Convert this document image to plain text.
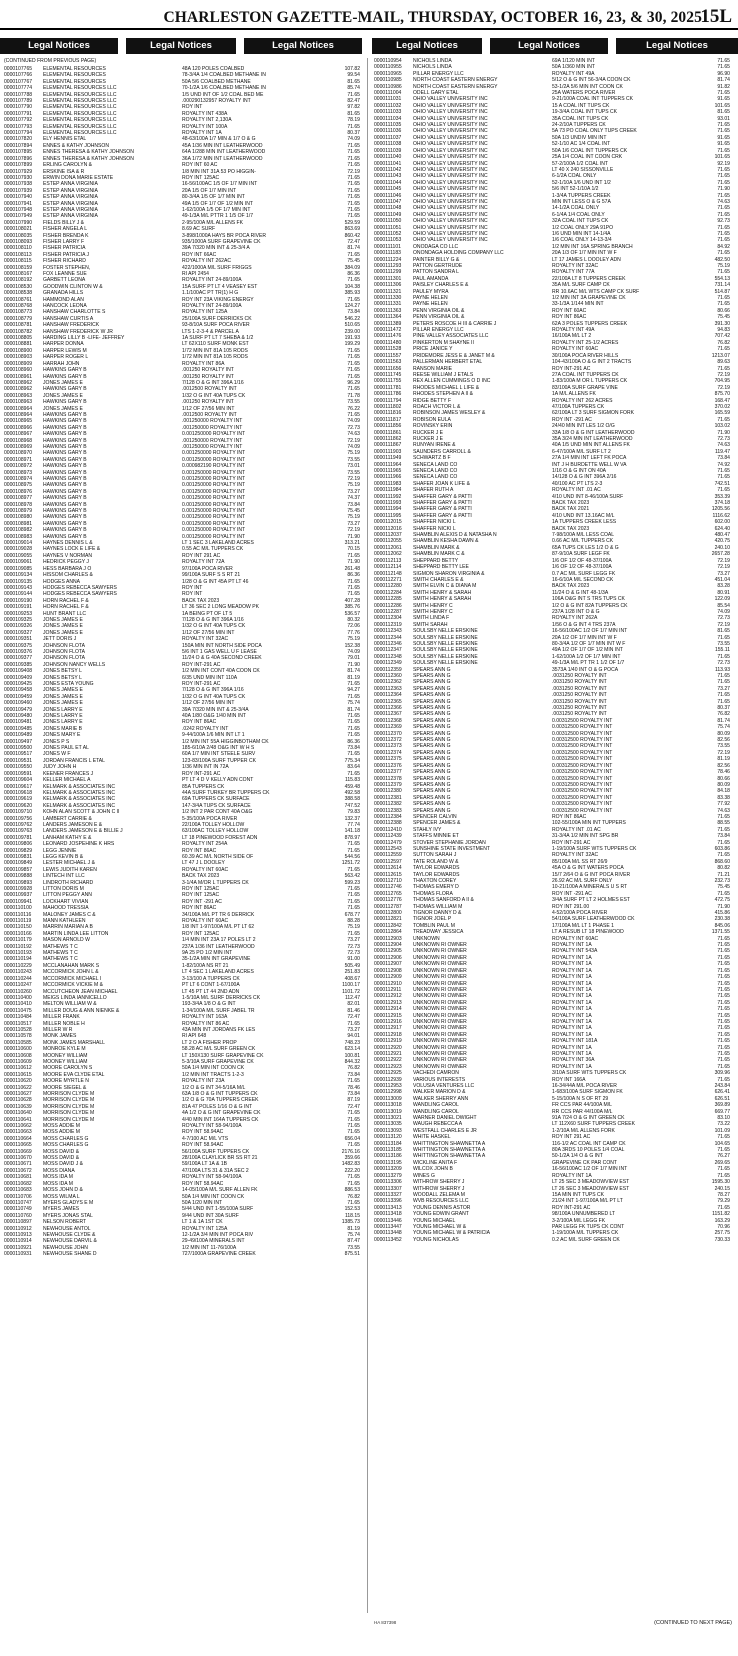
CHARLESTON GAZETTE-MAIL, THURSDAY, OCTOBER 16, 23, & 30, 2025
15L
Legal Notices	Legal Notices	Legal Notices	Legal Notices	Legal Notices	Legal Notices
(CONTINUED FROM PREVIOUS PAGE)
0000107765	ELEMENTAL RESOURCES	48A 120 POLES COALBED	107.82
0000107766	ELEMENTAL RESOURCES	78-3/4A 1/4 COALBED METHANE IN	99.54
0000107767	ELEMENTAL RESOURCES	50A 5/6 COALBED METHANE	81.65
0000107774	ELEMENTAL RESOURCES LLC	70-1/2A 1/6 COALBED METHANE IN	85.74
0000107788	ELEMENTAL RESOURCES LLC	1/5 UND INT OF 1/2 COAL BED ME	71.65
0000107789	ELEMENTAL RESOURCES LLC	.000290132957 ROYALTY INT	82.47
0000107790	ELEMENTAL RESOURCES LLC	ROY INT	97.82
0000107791	ELEMENTAL RESOURCES LLC	ROYALTY INT 438A	81.65
0000107792	ELEMENTAL RESOURCES LLC	ROYALTY INT 2,130A	78.19
0000107793	ELEMENTAL RESOURCES LLC	ROYALTY INT 100A	71.65
0000107794	ELEMENTAL RESOURCES LLC	ROYALTY INT 1A	80.37
0000107820	ELY HENNIS ETAL	48-63/100A 1/7 MIN & 1/7 O & G	74.09
0000107894	ENNES & KATHY JOHNSON	45A 1/36 MIN INT LEATHERWOOD	71.65
0000107895	ENNES THERESA & KATHY JOHNSON	64A 1/288 MIN INT LEATHERWOOD	71.65
0000107896	ENNES THERESA & KATHY JOHNSON	36A 1/72 MIN INT LEATHERWOOD	71.65
0000107899	ERLING CAROLYN &	ROY INT 60 AC	71.65
0000107929	ERSKINE ISA & R	1/8 MIN INT 31A 53 PO HIGGIN-	72.19
0000107930	ERWIN DONA MARIE ESTATE	ROY INT 125AC	71.65
0000107938	ESTEP ANNA VIRGINIA	16-56/100AC 1/5 OF 1/7 MIN INT	71.65
0000107939	ESTEP ANNA VIRGINIA	20A 1/5 OF 1/7 MIN INT	71.65
0000107940	ESTEP ANNA VIRGINIA	80-3/4A 1/5 OF 1/7 MIN INT	71.65
0000107941	ESTEP ANNA VIRGINIA	49A 1/5 OF 1/7 OF 1/2 MIN INT	71.65
0000107948	ESTEP ANNA VIRGINIA	1-62/100A 1/5 OF 1/7 MIN INT	71.65
0000107949	ESTEP ANNA VIRGINIA	49-1/3A M/L PTTR 1 1/5 OF 1/7	71.65
0000107990	FIELDS BILLY J &	2-95/100A M/L ALLENS FK	529.59
0000108021	FISHER ANGELA L	8.69 AC SURF	863.69
0000108035	FISHER BRENDA K	3-898/1000A HAYS BR POCA RIVER	860.42
0000108093	FISHER LARRY F	935/1000A SURF GRAPEVINE CK	72.47
0000108110	FISHER PATRICIA	39A 7/320 MIN INT & 25-3/4 A	81.74
0000108113	FISHER PATRICIA J	ROY INT 66AC	71.65
0000108115	FISHER RICHARD	ROYALTY INT 262AC	75.45
0000108159	FOSTER STEPHEN,	422/1000A M/L SURF FRIGGS	384.09
0000108167	FOX LEANNE SUE	RI API 2454	86.36
0000108192	GARBETT LEONA	ROYALTY INT 24-89/100A	71.65
0000108530	GOODWIN CLINTON W &	15A SURF PT LT 4 VEASEY EST	104.38
0000108538	GRANADA HILLS	1.1/100AC PT TR(1) H G	385.93
0000108761	HAMMOND ALAN	ROY INT 23A VIKING ENERGY	71.65
0000108768	HANCOCK LEONA	ROYALTY INT 24-89/100A	124.27
0000108773	HANSHAW CHARLOTTE S	ROYALTY INT 125A	73.84
0000108779	HANSHAW CURTIS A	25/100A SURF DERRICKS CK	546.22
0000108781	HANSHAW FREDERICK	93-8/10A SURF POCA RIVER	510.65
0000108782	HANSHAW FREDERICK W JR	LTS 1-2-3-4 & PARCEL A	239.00
0000108805	HARDING LILLY B -LIFE- JEFFREY	1A SURF PT LT 7 SHEBA & 1/2	191.93
0000108881	HARPER DONNA	LT 62X110 SURF MONK EST	199.29
0000108900	HARPER LEWIS M	1/72 MIN INT 81A 105 RODS	71.65
0000108903	HARPER ROGER L	1/72 MIN INT 81A 105 RODS	71.65
0000108909	HARRAH JOHN	ROYALTY INT 86A	71.65
0000108960	HAWKINS GARY B	.001250 ROYALTY INT	71.65
0000108961	HAWKINS GARY B	.001250 ROYALTY INT	71.65
0000108962	JONES JAMES E	7/128 O & G INT 396A 1/16	96.29
0000108962	HAWKINS GARY B	.0012500 ROYALTY INT	71.65
0000108963	JONES JAMES E	1/32 O G INT 40A TUPS CK	71.78
0000108963	HAWKINS GARY B	.001250 ROYALTY INT	73.55
0000108964	JONES JAMES E	1/12 OF 27/56 MIN INT	76.22
0000108964	HAWKINS GARY B	.0012500 ROYALTY INT	71.65
0000108965	HAWKINS GARY B	.001250000 ROYALTY INT	74.09
0000108966	HAWKINS GARY B	.001250000 ROYALTY INT	72.73
0000108967	HAWKINS GARY B	0.001250000 ROYALTY INT	74.63
0000108968	HAWKINS GARY B	.001250000 ROYALTY INT	72.19
0000108969	HAWKINS GARY B	.001250000 ROYALTY INT	74.09
0000108970	HAWKINS GARY B	0.001250000 ROYALTY INT	75.19
0000108971	HAWKINS GARY B	0.001250000 ROYALTY INT	73.55
0000108972	HAWKINS GARY B	0.000982190 ROYALTY INT	73.01
0000108973	HAWKINS GARY B	0.001250000 ROYALTY INT	73.55
0000108974	HAWKINS GARY B	0.001250000 ROYALTY INT	72.19
0000108975	HAWKINS GARY B	0.001250000 ROYALTY INT	75.19
0000108976	HAWKINS GARY B	0.001250000 ROYALTY INT	73.27
0000108977	HAWKINS GARY B	0.001250000 ROYALTY INT	74.37
0000108978	HAWKINS GARY B	0.001250000 ROYALTY INT	73.84
0000108979	HAWKINS GARY B	0.001250000 ROYALTY INT	75.45
0000108980	HAWKINS GARY B	0.001250000 ROYALTY INT	75.19
0000108981	HAWKINS GARY B	0.001250000 ROYALTY INT	73.27
0000108982	HAWKINS GARY B	0.001250000 ROYALTY INT	72.19
0000108983	HAWKINS GARY B	0.001250000 ROYALTY INT	71.90
0000109014	HAYNES DENNIS L &	LT 1 SEC 3 LAKELAND ACRES	313.21
0000109028	HAYNES LOCK E LIFE &	0.55 AC M/L TUPPERS CK	70.15
0000109055	HAYNES V NORMAN	ROY INT 291 AC	71.65
0000109061	HEDRICK PEGGY J	ROYALTY INT 72A	71.90
0000109085	HESS BARBARA J O	97/100A POCA RIVER	261.48
0000109134	HISSOM CHARLES &	99/100A SURF S S RT 21	86.36
0000109135	HODGES ANNA	1/28 O & G INT 45A PT LT 46	71.65
0000109143	HODGES REBECCA SAWYERS	ROY INT	71.65
0000109144	HODGES REBECCA SAWYERS	ROY INT	71.65
0000109190	HORN RACHEL F &	BACK TAX 2023	407.28
0000109191	HORN RACHEL F &	LT 36 SEC 2 LONG MEADOW PK	385.76
0000109253	HUNT BRANT LLC	1A BEING PT OF LT 5	536.57
0000109325	JONES JAMES E	7/128 O & G INT 396A 1/16	80.32
0000109326	JONES JAMES E	1/32 O G INT 40A TUPS CK	72.06
0000109327	JONES JAMES E	1/12 OF 27/56 MIN INT	77.76
0000109351	JETT DORIS J	ROYALTY INT 32AC	75.19
0000109375	JOHNSON FLOTA	150A MIN INT NORTH SIDE POCA	152.38
0000109376	JOHNSON FLOTA	5/6 INT 1 GAS WELL U F LEASE	74.09
0000109377	JOHNSON FLOTA	11/24 O & G 40A SECOND CREEK	79.01
0000109385	JOHNSON NANCY WELLS	ROY INT-291 AC	71.90
0000109408	JONES BETSY L	1/2 MIN INT CONT 40A COON CK	81.74
0000109409	JONES BETSY L	6/35 UND MIN INT 110A	81.19
0000109425	JONES ESTA YOUNG	ROY INT-291 AC	71.65
0000109458	JONES JAMES E	7/128 O & G INT 396A 1/16	94.27
0000109459	JONES JAMES E	1/32 O G INT 40A TUPS CK	71.65
0000109460	JONES JAMES E	1/12 OF 27/56 MIN INT	75.74
0000109479	JONES LARRY E	39A 7/320 MIN INT & 25-3/4A	81.74
0000109480	JONES LARRY E	40A 1/80 O&G 1/40 MIN INT	71.65
0000109481	JONES LARRY E	ROY INT 86AC	71.65
0000109485	JONES MARIE B	.0242 ROYALTY INT	71.65
0000109489	JONES MARY E	9-44/100A 1/6 MIN INT LT 1	71.65
0000109497	JONES P S	1/2 MIN INT 55A HIGGINBOTHAM CK	86.36
0000109500	JONES PAUL ET AL	185-6/10A 2/48 O&G INT W H S	73.84
0000109517	JONES W F	60A 1/7 MIN INT STEELE SURV	71.65
0000109531	JORDAN FRANCIS L ETAL	123-83/100A SURF TUPPER CK	775.34
0000109550	JUDY JOHN H	1/36 MIN INT IN 72A	83.64
0000109591	KEENER FRANCES J	ROY INT-291 AC	71.65
0000109604	KELLER MICHAEL A	PT LT 4 D V KELLY ADN CONT	115.83
0000109617	KELMARK & ASSOCIATES INC	85A TUPPERS CK	459.48
0000109618	KELMARK & ASSOCIATES INC	44A SURF TURKEY BR TUPPERS CK	492.58
0000109619	KELMARK & ASSOCIATES INC	69A TUPPERS CK SURFACE	388.58
0000109620	KELMARK & ASSOCIATES INC	147-3/4A TUPS CK SURFACE	747.52
0000109710	KOHN ALAN SCOTT & JOHN C II	1/2 INT 2 PAR CONT 40A O&G	79.83
0000109756	LAMBERT CARRIE &	5-35/100A POCA RIVER	132.37
0000109762	LANDERS JAMESON E &	22/100A TOLLEY HOLLOW	77.74
0000109763	LANDERS JAMESON E & BILLIE J	63/100AC TOLLEY HOLLOW	141.18
0000109781	LANHAM KATHY E &	LT 18 PINEWOOD FOREST ADN	878.97
0000109806	LEONARD JOSPEHINE K HRS	ROYALTY INT 254A	71.65
0000109829	LEGG JENNIE	ROY INT 86AC	71.65
0000109831	LEGG KEVIN B &	60.39 AC M/L NORTH SIDE OF	544.56
0000109849	LESTER MICHAEL J &	LT 47 J L DOOLEY	1251.72
0000109857	LEWIS JUDITH KAREN	ROYALTY INT 60AC	71.65
0000109888	LINTECH INT LLC	BACK TAX 2023	563.42
0000109893	LINDROTH RICHARD	3-1/4A M/OR L TUPPERS CK	599.23
0000109928	LITTON DORIS M	ROY INT 125AC	71.65
0000109937	LITTON PEGGY ANN	ROY INT 125AC	71.65
0000109941	LOCKHART VIVIAN	ROY INT -291 AC	71.65
0000110100	MAHOOD TRESSIA	ROY INT 86AC	71.65
0000110116	MALONEY JAMES C &	34/100A M/L PT TR 6 DERRICK	678.77
0000110119	MANN KATHLEEN	ROYALTY INT 60AC	88.28
0000110150	MARRIN MARIAN A B	1/8 INT 1-97/100A M/L PT LT 62	75.19
0000110166	MARTIN LINDA LEE LITTON	ROY INT 125AC	71.65
0000110179	MASON ARNOLD W	1/4 MIN INT 23A 17 POLES LT 2	73.27
0000110192	MATHEWS T C	237A 1/36 INT LEATHERWOOD	72.73
0000110193	MATHEWS T C	9A 25 PO 1/2 MIN INT	72.73
0000110194	MATHEWS T C	35-1/2A MIN INT GRAPEVINE	91.00
0000110229	MCCLANAHAN MARK S	1-82/100A NS RT 21	505.49
0000110243	MCCORMICK JOHN L &	LT 4 SEC 1 LAKELAND ACRES	251.83
0000110244	MCCORMICK MICHAEL I	3-13/100 A TUPPERS CK	408.67
0000110247	MCCORMICK VICKIE M &	PT LT 6 CONT 1-67/100A	1100.17
0000110260	MCCUTCHEON JEAN MICHAEL	LT 45 PT LT 44 2ND ADN	1101.72
0000110400	MEIGS LINDA IANNICELLO	1-5/10A M/L SURF DERRICKS CK	112.47
0000110410	MELTON WILLIAM W &	193-3/4A 1/8 O & G INT	82.01
0000110475	MILLER DOUG & ANN NIENKE &	1-34/100A M/L SURF JABEL TR	81.46
0000110484	MILLER FRANK	ROYALTY INT 163A	72.47
0000110517	MILLER NOBLE H	ROYALTY INT 86 AC	71.65
0000110528	MILLER W R	43A MIN INT JORDANS FK LES	73.27
0000110578	MONK JAMES	RI API 648	94.01
0000110585	MONK JAMES MARSHALL	LT 2 O A FISHER PROP	748.23
0000110600	MONROE KYLE M	58.28 AC M/L SURF GREEN CK	623.14
0000110608	MOONEY WILLIAM	LT 150X130 SURF GRAPEVINE CK	100.81
0000110609	MOONEY WILLIAM	5-3/10A SURF GRAPEVINE CK	844.32
0000110612	MOORE CAROLYN S	50A 1/4 MIN INT COON CK	76.82
0000110615	MOORE EVA CLYDE ETAL	1/2 MIN INT TRACTS 1-2-3	73.84
0000110620	MOORE MYRTLE N	ROYALTY INT 23A	71.65
0000110622	MOORE SIEGEL &	1/2 O & G INT 34-5/16A M/L	78.46
0000110627	MORRISON CLYDE M	63A 1/8 O & G INT TUPPERS CK	73.84
0000110628	MORRISON CLYDE M	1/2 O & G 70A TUPPERS CREEK	87.19
0000110639	MORRISON CLYDE M	81A 47 POLES 1/16 O & G INT	72.47
0000110640	MORRISON CLYDE M	4A 1/2 O & G INT GRAPEVINE CK	71.65
0000110641	MORRISON CLYDE M	4/40 MIN INT 164A TUPPERS CK	71.65
0000110662	MOSS ADDIE M	ROYALTY INT 58-94/100A	71.65
0000110663	MOSS ADDIE M	ROY INT 58.94AC	71.65
0000110664	MOSS CHARLES G	4-7/100 AC M/L VTS	656.04
0000110665	MOSS CHARLES G	ROY INT 58.94AC	71.65
0000110669	MOSS DAVID &	56/100A SURF TUPPERS CK	2176.16
0000110670	MOSS DAVID &	28/100A CLAYLICK BR SS RT 21	359.66
0000110671	MOSS DAVID J &	59/100A LT 1A & 1B	1482.83
0000110672	MOSS DIANA	47/100A LTS 31 & 31A SEC 2	222.20
0000110681	MOSS IDA M	ROYALTY INT 58-94/100A	71.65
0000110682	MOSS IDA M	ROY INT 58.94AC	71.65
0000110683	MOSS JOHN D &	14-05/100A M/L SURF ALLEN FK	886.53
0000110706	MOSS WILMA L	50A 1/4 MIN INT COON CK	76.82
0000110747	MYERS GLADYS E M	50A 1/20 MIN INT	71.65
0000110749	MYERS JAMES	5/44 UND INT 1-55/100A SURF	152.53
0000110760	MYERS JONAS STAL	9/44 UND INT 30A SURF	118.15
0000110897	NELSON ROBERT	LT 1 & 1A 1ST CK	1385.73
0000110912	NEWHOUSE ANTOL	ROYALTY INT 125A	81.19
0000110913	NEWHOUSE CLYDE &	12-1/2A 3/4 MIN INT POCA RIV	75.74
0000110914	NEWHOUSE DARVIL &	29-49/100A MINERALS INT	87.47
0000110921	NEWHOUSE JOHN	1/2 MIN INT 11-76/100A	73.55
0000110931	NEWHOUSE SHANE D	727/1000A GRAPEVINE CREEK	875.51
0000110954	NICHOLS LINDA	69A 1/120 MIN INT	71.65
0000110955	NICHOLS LINDA	50A 1/360 MIN INT	71.65
0000110965	PILLAR ENERGY LLC	ROYALTY INT 49A	96.90
0000110985	NORTH COAST EASTERN ENERGY	5/12 O & G INT 56-3/4A COON CK	81.74
0000110986	NORTH COAST EASTERN ENERGY	53-1/2A 5/6 MIN INT COON CK	91.82
0000111004	ODELL GARY ETAL	25A WATERS POCA RIVER	71.65
0000111031	OHIO VALLEY UNIVERSITY INC	9-21/100A COAL INT TUPPERS CK	91.65
0000111032	OHIO VALLEY UNIVERSITY INC	15 A COAL INT TUPS CK	101.65
0000111033	OHIO VALLEY UNIVERSITY INC	19-3/4A COAL INT TUPS CK	81.65
0000111034	OHIO VALLEY UNIVERSITY INC	35A COAL INT TUPS CK	93.01
0000111035	OHIO VALLEY UNIVERSITY INC	24-2/10A TUPPERS CK	71.65
0000111036	OHIO VALLEY UNIVERSITY INC	5A 73 PO COAL ONLY TUPS CREEK	71.65
0000111037	OHIO VALLEY UNIVERSITY INC	50A 1/3 UNDIV MIN INT	91.65
0000111038	OHIO VALLEY UNIVERSITY INC	52-1/10 AC 1/4 COAL INT	91.65
0000111039	OHIO VALLEY UNIVERSITY INC	50A 1/6 COAL INT TUPPERS CK	71.65
0000111040	OHIO VALLEY UNIVERSITY INC	25A 1/4 COAL INT COON CRK	101.65
0000111041	OHIO VALLEY UNIVERSITY INC	57-2/100A 1/2 COAL INT	92.19
0000111042	OHIO VALLEY UNIVERSITY INC	LT 40 X 240 SISSONVILLE	71.65
0000111043	OHIO VALLEY UNIVERSITY INC	6-1/2A COAL ONLY	71.65
0000111044	OHIO VALLEY UNIVERSITY INC	52-1/10A 1/6 UND INT 1/2	71.65
0000111045	OHIO VALLEY UNIVERSITY INC	5/6 INT 52-1/10A 1/2	71.90
0000111046	OHIO VALLEY UNIVERSITY INC	1-3/4A TUPPERS CREEK	71.65
0000111047	OHIO VALLEY UNIVERSITY INC	MIN INT LESS O & G 57A	74.63
0000111048	OHIO VALLEY UNIVERSITY INC	14-1/2A COAL ONLY	71.65
0000111049	OHIO VALLEY UNIVERSITY INC	6-1/4A 1/4 COAL ONLY	71.65
0000111050	OHIO VALLEY UNIVERSITY INC	32A COAL INT TUPS CK	92.73
0000111051	OHIO VALLEY UNIVERSITY INC	1/2 COAL ONLY 29A 91PO	71.65
0000111052	OHIO VALLEY UNIVERSITY INC	1/6 UND MIN INT 14-1/4A	71.65
0000111053	OHIO VALLEY UNIVERSITY INC	1/6 COAL ONLY 14-13-3/4	71.65
0000111101	ONODAGA CO LLC	1/2 MIN INT 16A SPRING BRANCH	84.92
0000111183	ONONDAGA HOLDING COMPANY LLC	20A 1/3 OF 1/7 MIN INT W F	71.65
0000111224	PAINTER BILLY G &	LT 17 JAMES L DOOLEY ADN	482.50
0000111293	PATTON GERTRUDE	ROYALTY INT 32AC	75.19
0000111299	PATTON SANDRA L	ROYALTY INT 77A	71.65
0000111301	PAUL AMANDA	22/100A LT 8 TUPPERS CREEK	554.13
0000111306	PAISLEY CHARLES E &	35A M/L SURF CAMP CK	731.14
0000111321	PAULEY MYRA	RR 10.6AC M/L WTS CAMP CK SURF	514.87
0000111330	PAYNE HELEN	1/2 MIN INT 3A GRAPEVINE CK	71.65
0000111331	PAYNE HELEN	33-1/3A 1/144 MIN INT	71.65
0000111363	PENN VIRGINIA OIL &	ROY INT 60AC	80.66
0000111364	PENN VIRGINIA OIL &	ROY INT 86AC	75.45
0000111389	PETERS ROSCOE H III & CARRIE J	62A 3 POLES TUPPERS CREEK	391.30
0000111472	PILLAR ENERGY LLC	ROYALTY INT 49A	94.83
0000111476	PINE VALLEY ASSOCIATES LLC	16/100A M/L LT 2	707.42
0000111480	PINKERTON M SHAYNE II	ROYALTY INT 25-1/2 ACRES	76.82
0000111528	PRICE JANICE Y	ROYALTY INT 60AC	71.65
0000111557	PRIDEMORE JESS E & JANET M &	30/100A POCA RIVER HILLS	1213.07
0000111563	PALLERMAN HERBERT ETAL	104-43/100A O & G INT 2 TRACTS	89.63
0000111656	RANSON MARIE	ROY INT-291 AC	71.65
0000111745	REESE WILLIAM J ETALS	27A COAL INT TUPPERS CK	72.19
0000111755	REX ALLEN CUMMINGS O D INC	1-83/100A M OR L TUPPERS CK	704.95
0000111781	RHODES MICHAEL L LIFE &	83/100A SURF GRAPE VINE	72.19
0000111786	RHODES STEPHEN A II &	1A M/L ALLENS FK	875.70
0000111794	RIDGE BETTY F	ROYALTY INT 262 ACRES	168.47
0000111802	ROACH VICTOR L &	47/100A TUPPERS CK	370.02
0000111816	ROBINSON JAMES WESLEY &	62/100A LT 3 SURF SIGMON FORK	165.59
0000111817	ROBISON EULA	ROY INT -291 AC	71.65
0000111856	ROVINSKY ERIN	24/40 MIN INT LES 1/2 O/G	103.02
0000111861	RUCKER J E	33A 1/8 O & G INT LEATHERWOOD	71.90
0000111862	RUCKER J E	35A 3/24 MIN INT LEATHERWOOD	72.73
0000111867	RUNYAN IRENE &	40A 1/5 UND MIN INT ALLENS FK	74.63
0000111903	SAUNDERS CARROLL &	6-47/100A M/L SURF LT 2	119.47
0000111949	SCHWARTZ B F	27A 1/4 MIN INT LEFT FK POCA	73.84
0000111964	SENECA LAND CO	INT J H BURDETTE WELL W VA	74.92
0000111965	SENECA LAND CO	1/16 O & G INT ON 40A	71.65
0000111966	SENECA LAND CO	14/128 O & G INT 396A 2/16	71.65
0000111983	SHAFER JOAN K LIFE &	40/100 AC PT LTS 2-3	742.51
0000111984	SHAFER RUTH A	ROYALTY INT .01 AC	71.65
0000111992	SHAFFER GARY & PATTI	4/10 UND INT 8-46/100A SURF	353.39
0000111993	SHAFFER GARY & PATTI	BACK TAX 2023	374.18
0000111994	SHAFFER GARY & PATTI	BACK TAX 2021	1205.56
0000111995	SHAFFER GARY & PATTI	4/10 UND INT 13.16AC M/L	1116.62
0000112015	SHAFFER NICKI L	1A TUPPERS CREEK LESS	602.00
0000112016	SHAFFER NICKI L	BACK TAX 2023	624.40
0000112037	SHAMBLIN ALEXIS D & NATASHA N	7-98/100A M/L LESS COAL	480.47
0000112055	SHAMBLIN KESHA DAWN &	0.66 AC M/L TUPPERS CK	420.75
0000112061	SHAMBLIN MARK &	65A TUPS CK LES 1/2 O & G	240.10
0000112062	SHAMBLIN MARK C &	87-9/10A SURF LEGF FK	2657.28
0000112113	SHEPPARD BETTY	1/6 OF 1/2 OF 48-37/100A	72.19
0000112114	SHEPPARD BETTY LEE	1/6 OF 1/2 OF 48-37/100A	72.19
0000112148	SIGMON SHARON VIRGINIA &	0.7 AC M/L SURF LEGG FK	73.27
0000112271	SMITH CHARLES E &	16-6/10A M/L SECOND CK	451.04
0000112280	SMITH ELVIN C & DIANA M	BACK TAX 2023	83.28
0000112284	SMITH HENRY & SARAH	11/24 O & G INT 48-1/3A	80.91
0000112285	SMITH HENRY & SARAH	106A O&G INT S TRS TUPS CK	122.09
0000112286	SMITH HENRY C	1/2 O & G INT 82A TUPPERS CK	85.54
0000112287	SMITH HENRY C	237A 1/28 INT O & G	74.09
0000112304	SMITH LINDA F	ROYALTY INT 262A	72.73
0000112319	SMITH SARAH	1/56 O & G INT 4 TRS 237A	72.19
0000112343	SOULSBY NELLE ERSKINE	16-56/100AC 1/2 OF 1/7 MIN INT	81.65
0000112344	SOULSBY NELLE ERSKINE	20A 1/2 OF 1/7 MIN INT W F	71.65
0000112346	SOULSBY NELLE ERSKINE	80-3/4A 1/2 OF 1/7 MIN INT W F	73.55
0000112347	SOULSBY NELLE ERSKINE	49A 1/2 OF 1/7 OF 1/2 MIN INT	155.11
0000112348	SOULSBY NELLE ERSKINE	1-62/100A 1/2 OF 1/7 MIN INT	71.65
0000112349	SOULSBY NELLE ERSKINE	49-1/3A M/L PT TR 1 1/2 OF 1/7	72.73
0000112359	SPEARS ANN G	3573A 1/40 INT O & G POCA	113.93
0000112360	SPEARS ANN G	.0031250 ROYALTY INT	71.65
0000112362	SPEARS ANN G	.0031250 ROYALTY INT	71.65
0000112363	SPEARS ANN G	.0031250 ROYALTY INT	73.27
0000112364	SPEARS ANN G	.0031250 ROYALTY INT	71.65
0000112365	SPEARS ANN G	.0031250 ROYALTY INT	71.65
0000112366	SPEARS ANN G	.0031250 ROYALTY INT	80.37
0000112367	SPEARS ANN G	.0031250 ROYALTY INT	76.82
0000112368	SPEARS ANN G	0.00312500 ROYALTY INT	81.74
0000112369	SPEARS ANN G	0.00312500 ROYALTY INT	75.74
0000112370	SPEARS ANN G	0.00312500 ROYALTY INT	80.09
0000112372	SPEARS ANN G	0.00312500 ROYALTY INT	82.56
0000112373	SPEARS ANN G	0.00312500 ROYALTY INT	73.55
0000112374	SPEARS ANN G	0.00312500 ROYALTY INT	72.19
0000112375	SPEARS ANN G	0.00312500 ROYALTY INT	81.19
0000112376	SPEARS ANN G	0.00312500 ROYALTY INT	82.56
0000112377	SPEARS ANN G	0.00312500 ROYALTY INT	78.46
0000112378	SPEARS ANN G	0.00312500 ROYALTY INT	80.66
0000112379	SPEARS ANN G	0.00312500 ROYALTY INT	80.09
0000112380	SPEARS ANN G	0.00312500 ROYALTY INT	84.18
0000112381	SPEARS ANN G	0.00312500 ROYALTY INT	83.38
0000112382	SPEARS ANN G	0.00312500 ROYALTY INT	77.92
0000112383	SPEARS ANN G	0.00312500 ROYALTY INT	74.63
0000112384	SPENCER CALVIN	ROY INT 86AC	71.65
0000112388	SPENCER JAMES &	102-55/100A MIN INT TUPPERS	88.55
0000112410	STAHLY IVY	ROYALTY INT .01 AC	71.65
0000112439	STAFFS MINNIE ET	31-3/4A 1/2 MIN INT SPG BR	73.84
0000112479	STOVER STEPHANIE JORDAN	ROY INT-291 AC	71.65
0000112543	SUNSHINE STATE INVESTMENT	1-19/100A SURF WTS TUPPERS CK	603.86
0000112559	SUTTON SARAH J	ROYALTY INT 32AC	71.65
0000112597	TATE ROLAND W &	85/100A M/L SS RT 26/9	868.60
0000112614	TAYLOR EDWARDS	45A O & G INT WATERS POCA	80.82
0000112615	TAYLOR EDWARDS	15/7 2/64 O & G INT POCA RIVER	71.21
0000112710	THAXTON COREY	26.92 AC M/L SURF ONLY	232.73
0000112746	THOMAS EMERY D	10-21/100A A MINERALS U S RT	75.45
0000112765	THOMAS FLORA	ROY INT -291 AC	71.65
0000112776	THOMAS SANFORD A II &	3/4A SURF PT LT 2 HOLMES EST	472.75
0000112787	THOMAS WILLIAM M	ROY INT 291.00	71.90
0000112800	TIGNOR DANNY D &	4-52/100A POCA RIVER	415.86
0000112821	TIGNOR JOEL P	54/100A SURF LEATHERWOOD CK	230.38
0000112842	TOMBLIN PAUL M	17/100A M/L LT 1 PHASE 1	845.06
0000112864	TREADWAY JESSICA	LT A RESUB LT 18 PINEWOOD	1371.55
0000112903	UNKNOWN	ROYALTY INT 60AC	71.65
0000112904	UNKNOWN RI OWNER	ROYALTY INT 1A	71.65
0000112905	UNKNOWN RI OWNER	ROYALTY INT 543A	71.65
0000112906	UNKNOWN RI OWNER	ROYALTY INT 1A	71.65
0000112907	UNKNOWN RI OWNER	ROYALTY INT 1A	71.65
0000112908	UNKNOWN RI OWNER	ROYALTY INT 1A	71.65
0000112909	UNKNOWN RI OWNER	ROYALTY INT 1A	71.65
0000112910	UNKNOWN RI OWNER	ROYALTY INT 1A	71.65
0000112911	UNKNOWN RI OWNER	ROYALTY INT 1A	71.65
0000112912	UNKNOWN RI OWNER	ROYALTY INT 1A	71.65
0000112913	UNKNOWN RI OWNER	ROYALTY INT 1A	71.65
0000112914	UNKNOWN RI OWNER	ROYALTY INT 1A	71.65
0000112915	UNKNOWN RI OWNER	ROYALTY INT 1A	71.65
0000112916	UNKNOWN RI OWNER	ROYALTY INT 1A	71.65
0000112917	UNKNOWN RI OWNER	ROYALTY INT 1A	71.65
0000112918	UNKNOWN RI OWNER	ROYALTY INT 1A	71.65
0000112919	UNKNOWN RI OWNER	ROYALTY INT 181A	71.65
0000112920	UNKNOWN RI OWNER	ROYALTY INT 1A	71.65
0000112921	UNKNOWN RI OWNER	ROYALTY INT 1A	71.65
0000112922	UNKNOWN RI OWNER	ROYALTY INT 36A	71.65
0000112923	UNKNOWN RI OWNER	ROYALTY INT 1A	71.65
0000112925	VACHEDI CAMRON	3/10A SURF WTS TUPPERS CK	309.96
0000112939	VARIOUS INTERESTS	ROY INT 166A	71.65
0000112953	VOLUSIA VENTURES LLC	16-34/44A M/L POCA RIVER	243.84
0000112998	WALKER MARION D &	1-683/100A SURF SIGMON FK	626.41
0000113009	WALKER SHERRY ANN	5-15/100A N S OF RT 29	626.51
0000113018	WANDLING CAROL	FR CCS PAR 44/100A M/L	369.89
0000113019	WANDLING CAROL	RR CCS PAR 44/100A M/L	669.77
0000113021	WARNER DANIEL DWIGHT	91A 7/24 O & G INT GREEN CK	83.10
0000113035	WAUGH REBECCA A	LT 112X60 SURF TUPPERS CREEK	73.22
0000113093	WESTFALL CHARLES E JR	1-2/10A M/L ALLENS FORK	101.09
0000113120	WHITE HASKEL	ROY INT 291 AC	71.65
0000113184	WHITTINGTON SHAWNETTA A	116-1/2 AC COAL INT CAMP CK	104.65
0000113185	WHITTINGTON SHAWNETTA A	80A 3RDS 10 POLES 1/4 COAL	71.65
0000113186	WHITTINGTON SHAWNETTA A	50-1/2A 1/4 O & G INT	76.27
0000113195	WICKLINE ANITA F	GRAPEVINE CK PAR CONT	269.65
0000113209	WILCOX JOHN B	16-56/100AC 1/2 OF 1/7 MIN INT	71.65
0000113279	WINES G	ROYALTY INT 1A	71.65
0000113306	WITHROW SHERRY J	LT 25 SEC 3 MEADOWVIEW EST	1595.30
0000113307	WITHROW SHERRY J	LT 26 SEC 3 MEADOWVIEW EST	240.15
0000113327	WOODALL ZELEMA M	15A MIN INT TUPS CK	78.27
0000113396	WVB RESOURCES LLC	21/24 INT 1-97/100A M/L PT LT	79.29
0000113413	YOUNG DENNIS ASTOR	ROY INT-291 AC	71.65
0000113418	YOUNG EDWIN GRANT	98/100A UNNUMBERED LT	1151.82
0000113446	YOUNG MICHAEL	3-2/100A M/L LEGG FK	163.29
0000113447	YOUNG MICHAEL W &	PAR LEGG FK TUPS CK CONT	70.96
0000113448	YOUNG MICHAEL W & PATRICIA	1-19/100A M/L TUPPERS CK	257.75
0000113452	YOUNG NICHOLAS	0.2 AC M/L SURF GREEN CK	730.33
HA 837398	(CONTINUED TO NEXT PAGE)
